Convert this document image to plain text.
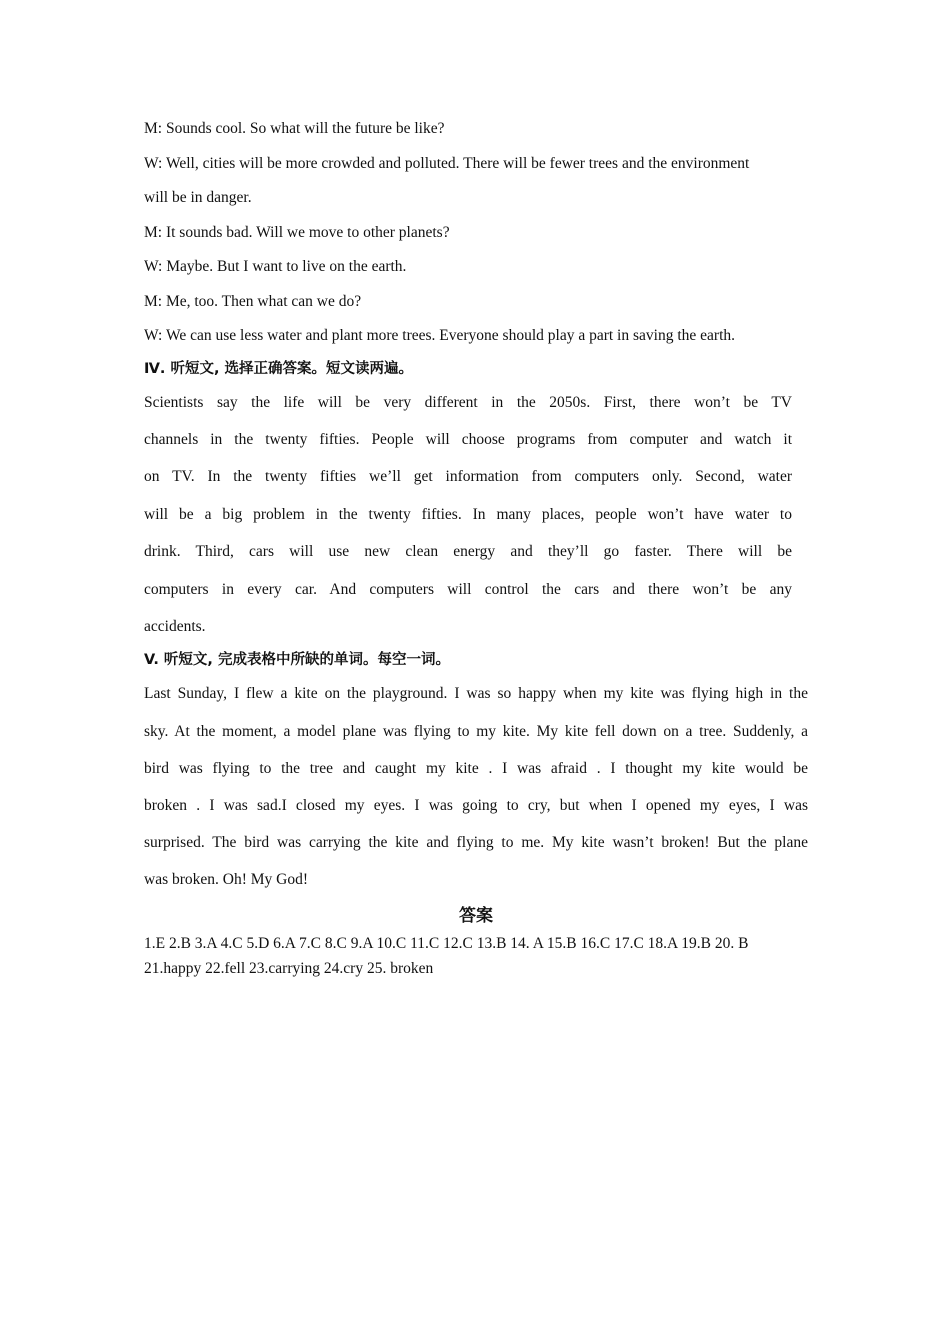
M: Sounds cool. So what will the future be like?
W: Well, cities will be more crowded and polluted. There will be fewer trees and the environment
will be in danger.
M: It sounds bad. Will we move to other planets?
W: Maybe. But I want to live on the earth.
M: Me, too. Then what can we do?
W: We can use less water and plant more trees. Everyone should play a part in saving the earth.
Ⅳ. 听短文, 选择正确答案。短文读两遍。
Scientists say the life will be very different in the 2050s. First, there won’t be TV
channels in the twenty fifties. People will choose programs from computer and watch it
on TV. In the twenty fifties we’ll get information from computers only. Second, water
will be a big problem in the twenty fifties. In many places, people won’t have water to
drink. Third, cars will use new clean energy and they’ll go faster. There will be
computers in every car. And computers will control the cars and there won’t be any
accidents.
V. 听短文, 完成表格中所缺的单词。每空一词。
Last Sunday, I flew a kite on the playground. I was so happy when my kite was flying high in the
sky. At the moment, a model plane was flying to my kite. My kite fell down on a tree. Suddenly, a
bird was flying to the tree and caught my kite . I was afraid . I thought my kite would be
broken . I was sad.I closed my eyes. I was going to cry, but when I opened my eyes, I was
surprised. The bird was carrying the kite and flying to me. My kite wasn’t broken! But the plane
was broken. Oh! My God!
答案
1.E 2.B 3.A 4.C 5.D 6.A 7.C 8.C 9.A 10.C 11.C 12.C 13.B 14. A 15.B 16.C 17.C 18.A 19.B 20. B
21.happy 22.fell 23.carrying 24.cry 25. broken
